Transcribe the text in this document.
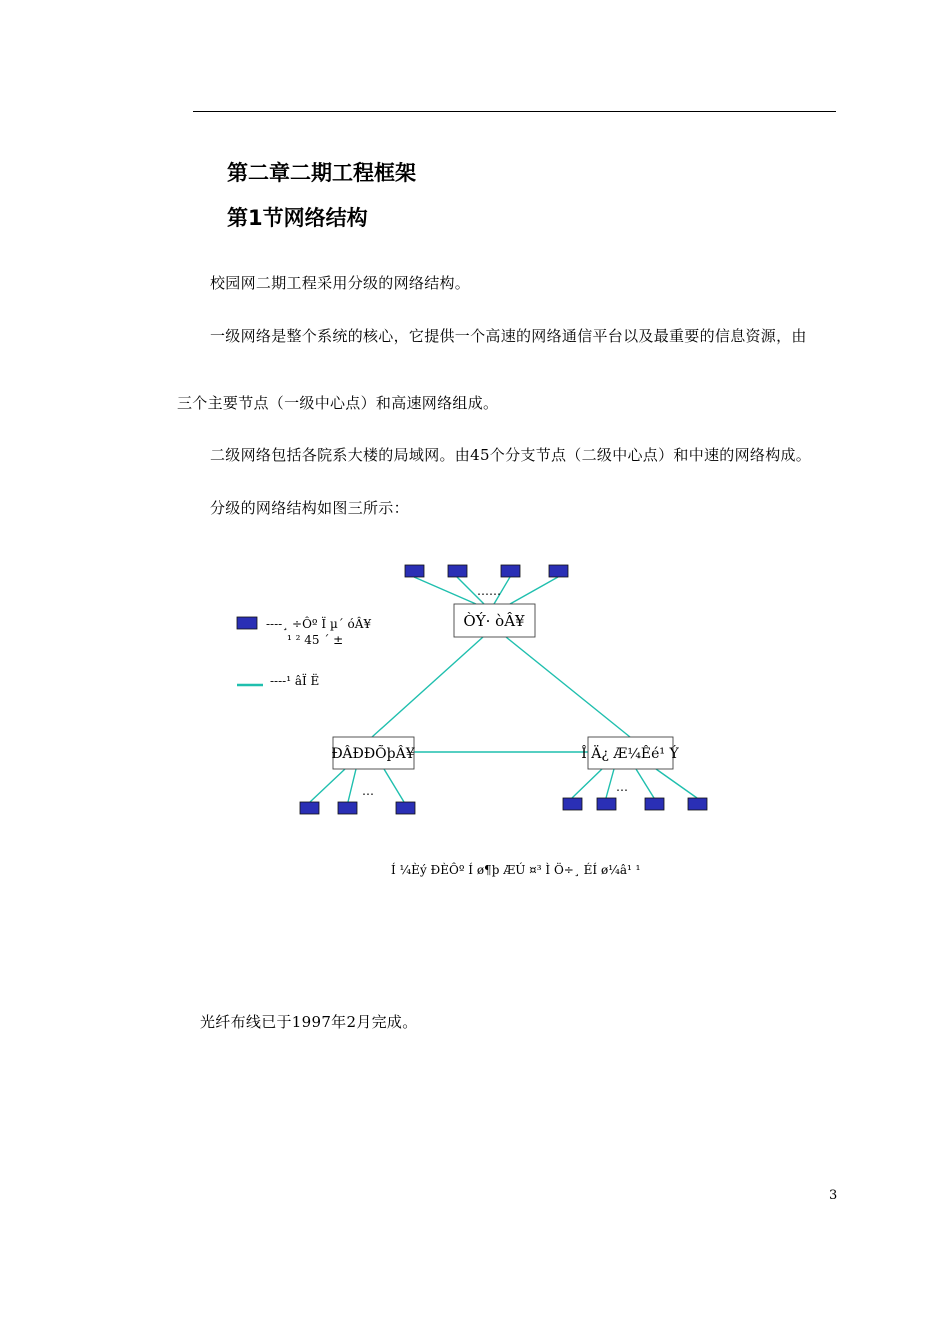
第二章二期工程框架
第1节网络结构
校园网二期工程采用分级的网络结构。
一级网络是整个系统的核心，它提供一个高速的网络通信平台以及最重要的信息资源，由
三个主要节点（一级中心点）和高速网络组成。
二级网络包括各院系大楼的局域网。由45个分支节点（二级中心点）和中速的网络构成。
分级的网络结构如图三所示：
ÒÝ· òÂ¥
ÐÂÐÐÕþÂ¥	Î Ä¿ Æ¼Êé¹ Ý
……
…	…
----¸ ÷Ôº Ï µ´ óÂ¥
¹ ² 45 ´ ±
----¹ âÏ Ë
Í ¼Èý ÐÈÔº Í ø¶þ ÆÚ ¤³ Ì Ö÷¸ ÉÍ ø¼â¹ ¹
光纤布线已于1997年2月完成。
3
